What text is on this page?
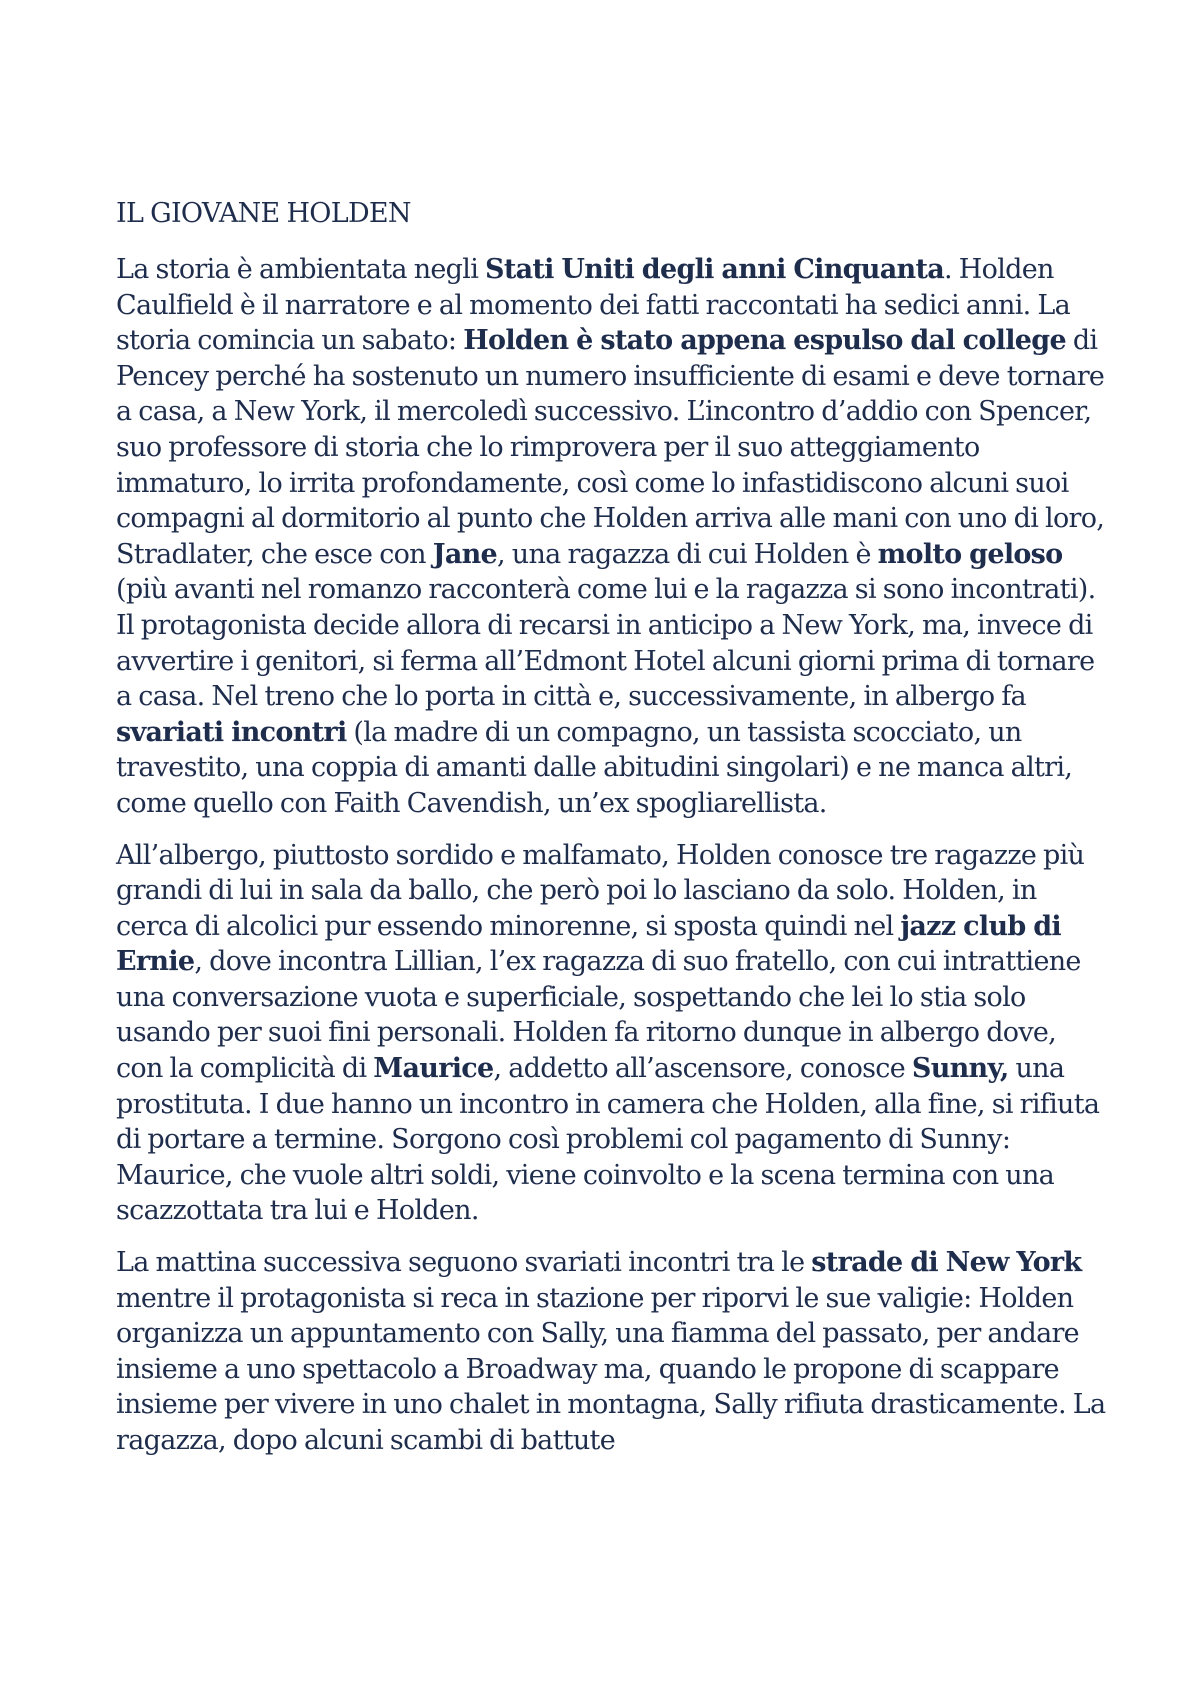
IL GIOVANE HOLDEN

La storia è ambientata negli Stati Uniti degli anni Cinquanta. Holden Caulfield è il narratore e al momento dei fatti raccontati ha sedici anni. La storia comincia un sabato: Holden è stato appena espulso dal college di Pencey perché ha sostenuto un numero insufficiente di esami e deve tornare a casa, a New York, il mercoledì successivo. L’incontro d’addio con Spencer, suo professore di storia che lo rimprovera per il suo atteggiamento immaturo, lo irrita profondamente, così come lo infastidiscono alcuni suoi compagni al dormitorio al punto che Holden arriva alle mani con uno di loro, Stradlater, che esce con Jane, una ragazza di cui Holden è molto geloso (più avanti nel romanzo racconterà come lui e la ragazza si sono incontrati). Il protagonista decide allora di recarsi in anticipo a New York, ma, invece di avvertire i genitori, si ferma all’Edmont Hotel alcuni giorni prima di tornare a casa. Nel treno che lo porta in città e, successivamente, in albergo fa svariati incontri (la madre di un compagno, un tassista scocciato, un travestito, una coppia di amanti dalle abitudini singolari) e ne manca altri, come quello con Faith Cavendish, un’ex spogliarellista.

All’albergo, piuttosto sordido e malfamato, Holden conosce tre ragazze più grandi di lui in sala da ballo, che però poi lo lasciano da solo. Holden, in cerca di alcolici pur essendo minorenne, si sposta quindi nel jazz club di Ernie, dove incontra Lillian, l’ex ragazza di suo fratello, con cui intrattiene una conversazione vuota e superficiale, sospettando che lei lo stia solo usando per suoi fini personali. Holden fa ritorno dunque in albergo dove, con la complicità di Maurice, addetto all’ascensore, conosce Sunny, una prostituta. I due hanno un incontro in camera che Holden, alla fine, si rifiuta di portare a termine. Sorgono così problemi col pagamento di Sunny: Maurice, che vuole altri soldi, viene coinvolto e la scena termina con una scazzottata tra lui e Holden.

La mattina successiva seguono svariati incontri tra le strade di New York mentre il protagonista si reca in stazione per riporvi le sue valigie: Holden organizza un appuntamento con Sally, una fiamma del passato, per andare insieme a uno spettacolo a Broadway ma, quando le propone di scappare insieme per vivere in uno chalet in montagna, Sally rifiuta drasticamente. La ragazza, dopo alcuni scambi di battute
